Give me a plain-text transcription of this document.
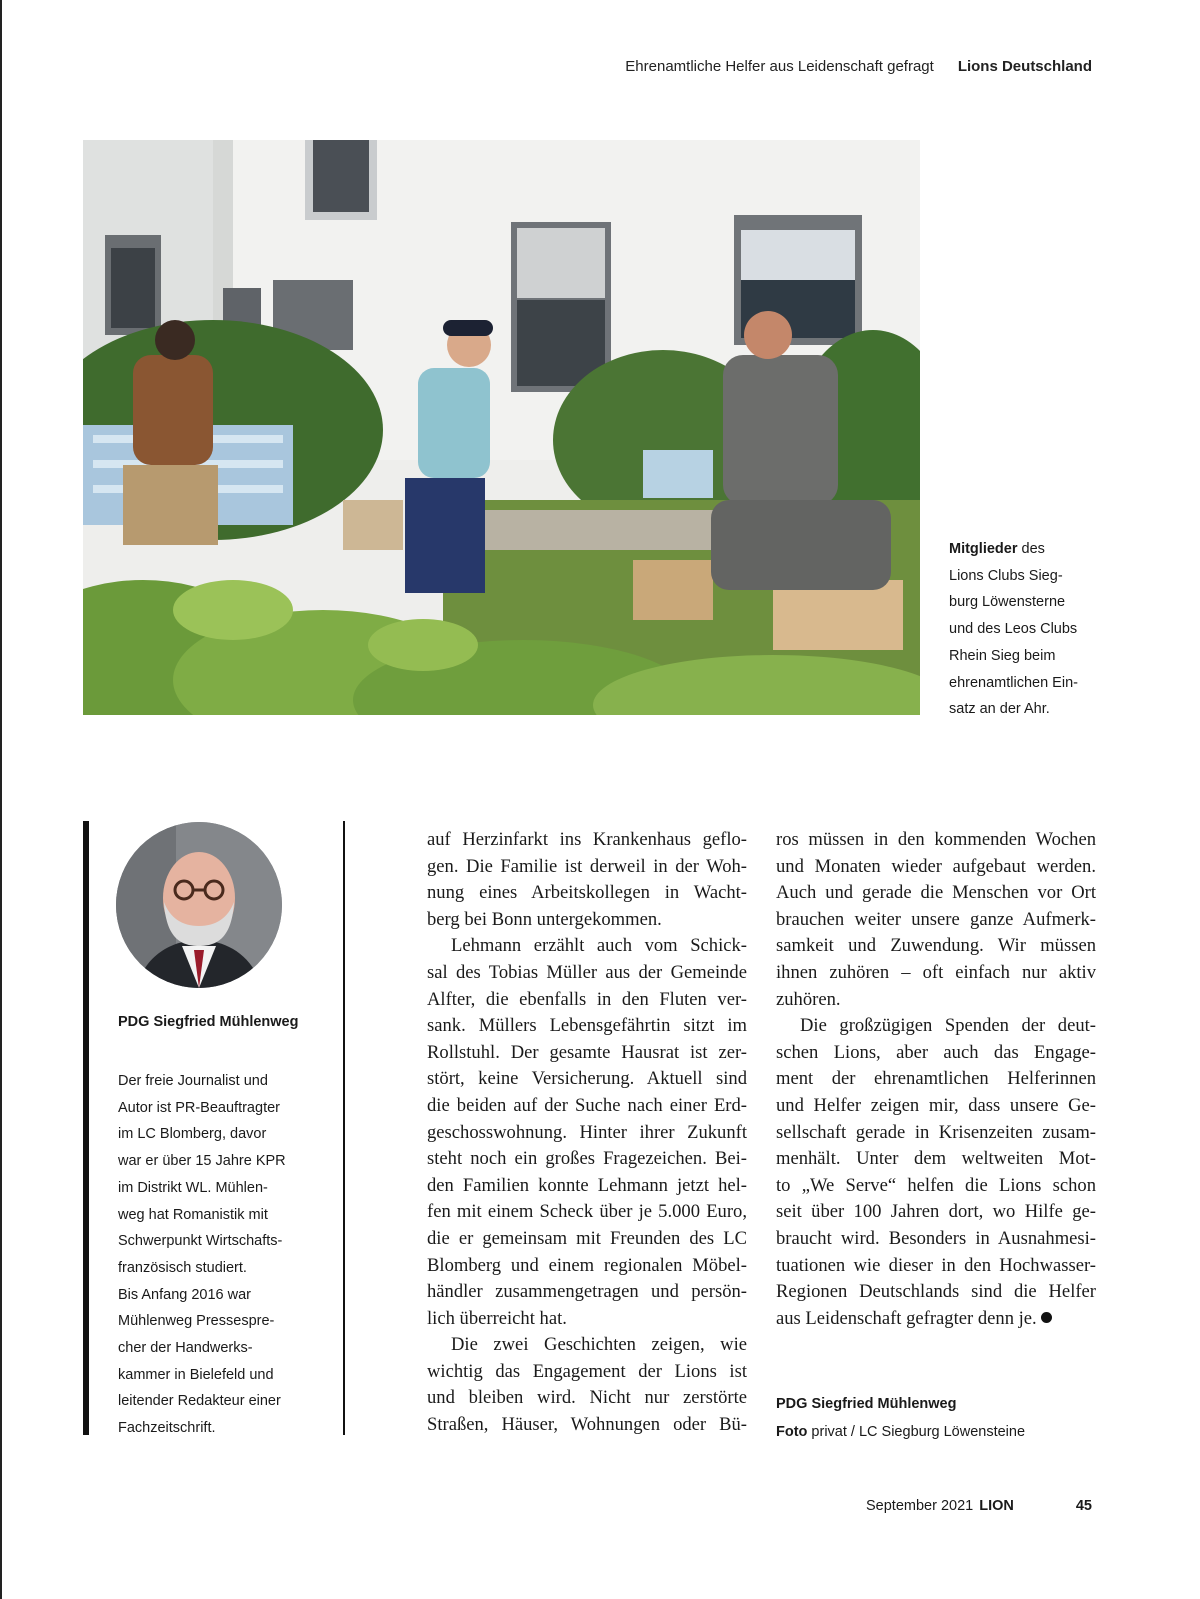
Ehrenamtliche Helfer aus Leidenschaft gefragt Lions Deutschland
Mitglieder des
Lions Clubs Sieg-
burg Löwensterne
und des Leos Clubs
Rhein Sieg beim
ehrenamtlichen Ein-
satz an der Ahr.
PDG Siegfried Mühlenweg
Der freie Journalist und
Autor ist PR-Beauftragter
im LC Blomberg, davor
war er über 15 Jahre KPR
im Distrikt WL. Mühlen-
weg hat Romanistik mit
Schwerpunkt Wirtschafts-
französisch studiert.
Bis Anfang 2016 war
Mühlenweg Pressespre-
cher der Handwerks-
kammer in Bielefeld und
leitender Redakteur einer
Fachzeitschrift.
auf Herzinfarkt ins Krankenhaus geflo-
gen. Die Familie ist derweil in der Woh-
nung eines Arbeitskollegen in Wacht-
berg bei Bonn untergekommen.
Lehmann erzählt auch vom Schick-
sal des Tobias Müller aus der Gemeinde
Alfter, die ebenfalls in den Fluten ver-
sank. Müllers Lebensgefährtin sitzt im
Rollstuhl. Der gesamte Hausrat ist zer-
stört, keine Versicherung. Aktuell sind
die beiden auf der Suche nach einer Erd-
geschosswohnung. Hinter ihrer Zukunft
steht noch ein großes Fragezeichen. Bei-
den Familien konnte Lehmann jetzt hel-
fen mit einem Scheck über je 5.000 Euro,
die er gemeinsam mit Freunden des LC
Blomberg und einem regionalen Möbel-
händler zusammengetragen und persön-
lich überreicht hat.
Die zwei Geschichten zeigen, wie
wichtig das Engagement der Lions ist
und bleiben wird. Nicht nur zerstörte
Straßen, Häuser, Wohnungen oder Bü-
ros müssen in den kommenden Wochen
und Monaten wieder aufgebaut werden.
Auch und gerade die Menschen vor Ort
brauchen weiter unsere ganze Aufmerk-
samkeit und Zuwendung. Wir müssen
ihnen zuhören – oft einfach nur aktiv
zuhören.
Die großzügigen Spenden der deut-
schen Lions, aber auch das Engage-
ment der ehrenamtlichen Helferinnen
und Helfer zeigen mir, dass unsere Ge-
sellschaft gerade in Krisenzeiten zusam-
menhält. Unter dem weltweiten Mot-
to „We Serve“ helfen die Lions schon
seit über 100 Jahren dort, wo Hilfe ge-
braucht wird. Besonders in Ausnahmesi-
tuationen wie dieser in den Hochwasser-
Regionen Deutschlands sind die Helfer
aus Leidenschaft gefragter denn je.
PDG Siegfried Mühlenweg
Foto privat / LC Siegburg Löwensteine
September 2021 LION	45
